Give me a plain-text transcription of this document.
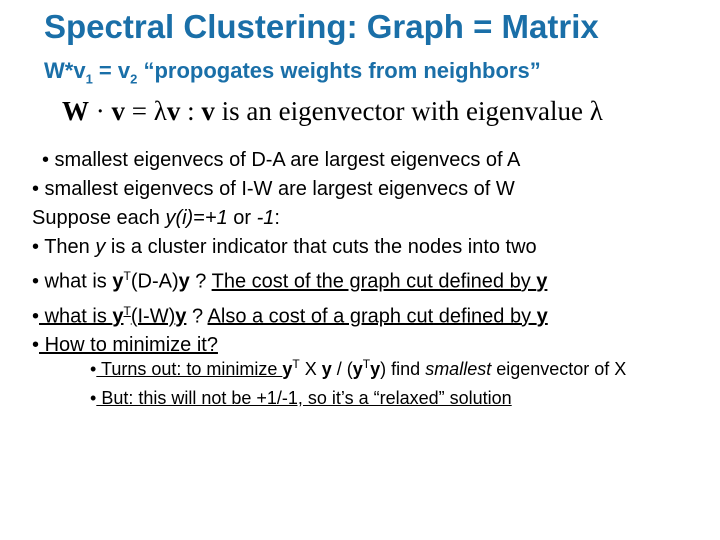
Spectral Clustering: Graph = Matrix
$W*v_1 = v_2$ “propogates weights from neighbors”
W · v = λv : v is an eigenvector with eigenvalue λ
• smallest eigenvecs of D-A are largest eigenvecs of A
• smallest eigenvecs of I-W are largest eigenvecs of W
Suppose each y(i)=+1 or -1:
• Then y is a cluster indicator that cuts the nodes into two
• what is $y^T(D-A)y$ ? The cost of the graph cut defined by y
• what is $y^T(I-W)y$ ? Also a cost of a graph cut defined by y
• How to minimize it?
• Turns out: to minimize $y^T$ X y / $(y^Ty)$ find smallest eigenvector of X
• But: this will not be +1/-1, so it’s a “relaxed” solution
